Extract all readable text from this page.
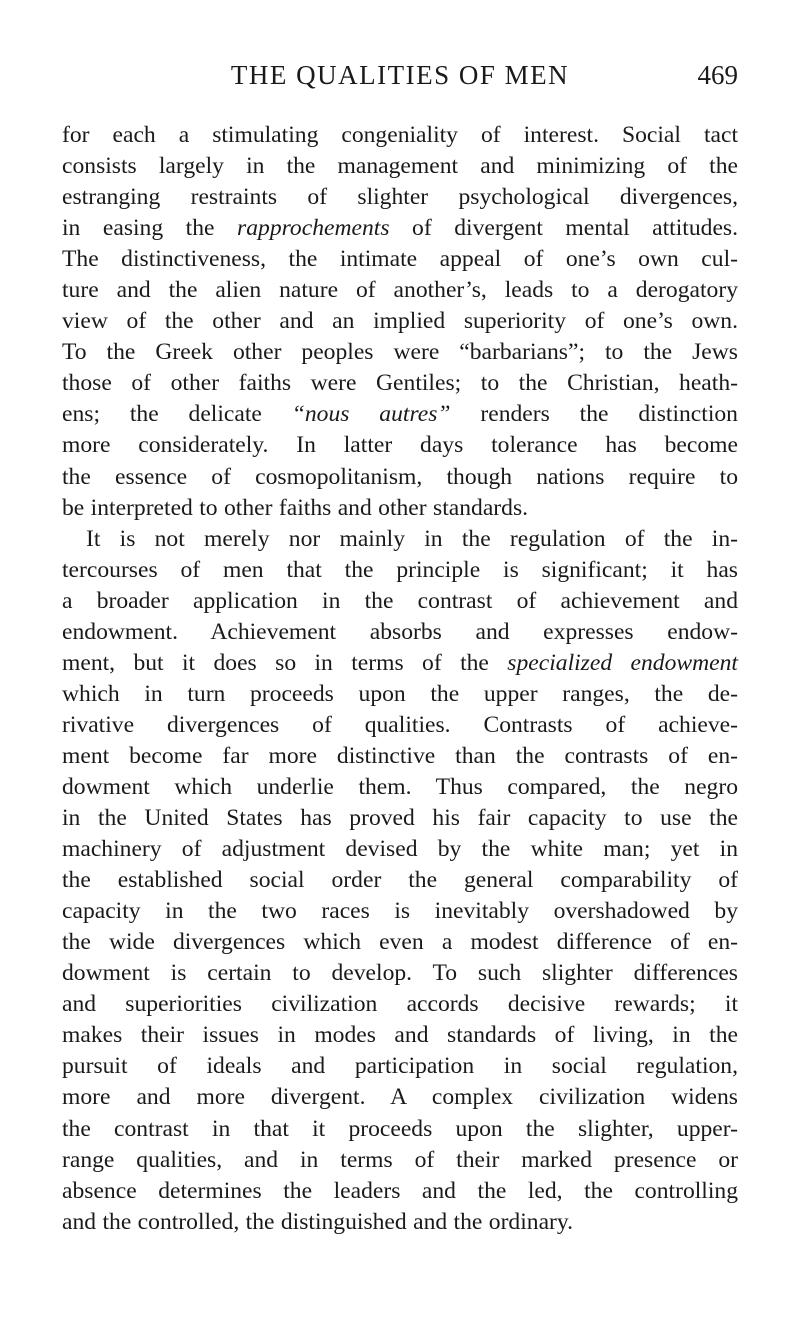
THE QUALITIES OF MEN	469
for each a stimulating congeniality of interest. Social tact
consists largely in the management and minimizing of the
estranging restraints of slighter psychological divergences,
in easing the rapprochements of divergent mental attitudes.
The distinctiveness, the intimate appeal of one’s own cul-
ture and the alien nature of another’s, leads to a derogatory
view of the other and an implied superiority of one’s own.
To the Greek other peoples were “barbarians”; to the Jews
those of other faiths were Gentiles; to the Christian, heath-
ens; the delicate “nous autres” renders the distinction
more considerately. In latter days tolerance has become
the essence of cosmopolitanism, though nations require to
be interpreted to other faiths and other standards.
It is not merely nor mainly in the regulation of the in-
tercourses of men that the principle is significant; it has
a broader application in the contrast of achievement and
endowment. Achievement absorbs and expresses endow-
ment, but it does so in terms of the specialized endowment
which in turn proceeds upon the upper ranges, the de-
rivative divergences of qualities. Contrasts of achieve-
ment become far more distinctive than the contrasts of en-
dowment which underlie them. Thus compared, the negro
in the United States has proved his fair capacity to use the
machinery of adjustment devised by the white man; yet in
the established social order the general comparability of
capacity in the two races is inevitably overshadowed by
the wide divergences which even a modest difference of en-
dowment is certain to develop. To such slighter differences
and superiorities civilization accords decisive rewards; it
makes their issues in modes and standards of living, in the
pursuit of ideals and participation in social regulation,
more and more divergent. A complex civilization widens
the contrast in that it proceeds upon the slighter, upper-
range qualities, and in terms of their marked presence or
absence determines the leaders and the led, the controlling
and the controlled, the distinguished and the ordinary.
